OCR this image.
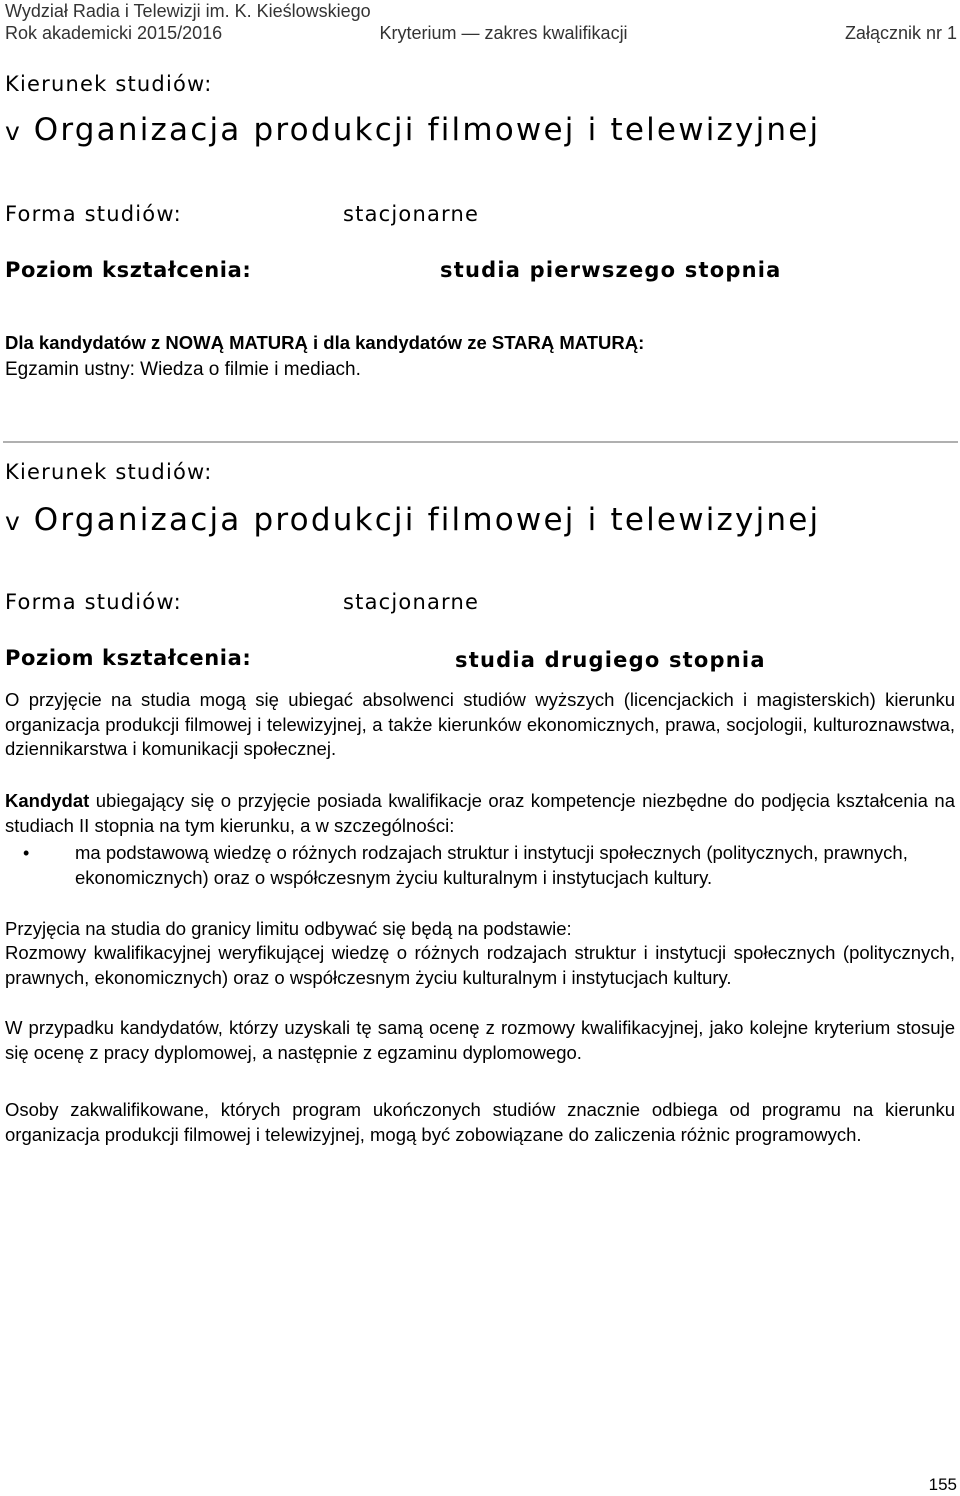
Wydział Radia i Telewizji im. K. Kieślowskiego
Rok akademicki 2015/2016	Kryterium — zakres kwalifikacji	Załącznik nr 1
Kierunek studiów:
v Organizacja produkcji filmowej i telewizyjnej
Forma studiów:	stacjonarne
Poziom kształcenia:	studia pierwszego stopnia
Dla kandydatów z NOWĄ MATURĄ i dla kandydatów ze STARĄ MATURĄ:
Egzamin ustny: Wiedza o filmie i mediach.
Kierunek studiów:
v Organizacja produkcji filmowej i telewizyjnej
Forma studiów:	stacjonarne
Poziom kształcenia:	studia drugiego stopnia
O przyjęcie na studia mogą się ubiegać absolwenci studiów wyższych (licencjackich i magisterskich) kierunku organizacja produkcji filmowej i telewizyjnej, a także kierunków ekonomicznych, prawa, socjologii, kulturoznawstwa, dziennikarstwa i komunikacji społecznej.
Kandydat ubiegający się o przyjęcie posiada kwalifikacje oraz kompetencje niezbędne do podjęcia kształcenia na studiach II stopnia na tym kierunku, a w szczególności:
•	ma podstawową wiedzę o różnych rodzajach struktur i instytucji społecznych (politycznych, prawnych, ekonomicznych) oraz o współczesnym życiu kulturalnym i instytucjach kultury.
Przyjęcia na studia do granicy limitu odbywać się będą na podstawie:
Rozmowy kwalifikacyjnej weryfikującej wiedzę o różnych rodzajach struktur i instytucji społecznych (politycznych, prawnych, ekonomicznych) oraz o współczesnym życiu kulturalnym i instytucjach kultury.
W przypadku kandydatów, którzy uzyskali tę samą ocenę z rozmowy kwalifikacyjnej, jako kolejne kryterium stosuje się ocenę z pracy dyplomowej, a następnie z egzaminu dyplomowego.
Osoby zakwalifikowane, których program ukończonych studiów znacznie odbiega od programu na kierunku organizacja produkcji filmowej i telewizyjnej, mogą być zobowiązane do zaliczenia różnic programowych.
155
